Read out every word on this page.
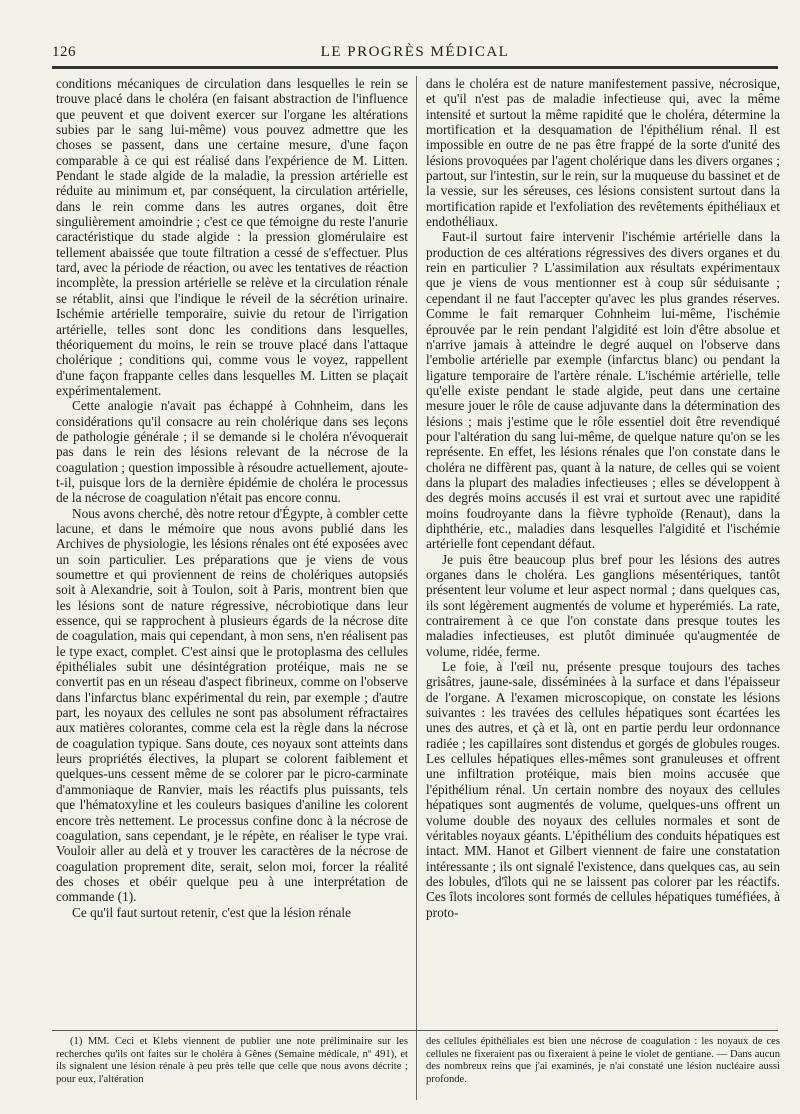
LE PROGRÈS MÉDICAL
126

conditions mécaniques de circulation dans lesquelles le rein se trouve placé dans le choléra (en faisant abstraction de l'influence que peuvent et que doivent exercer sur l'organe les altérations subies par le sang lui-même) vous pouvez admettre que les choses se passent, dans une certaine mesure, d'une façon comparable à ce qui est réalisé dans l'expérience de M. Litten. Pendant le stade algide de la maladie, la pression artérielle est réduite au minimum et, par conséquent, la circulation artérielle, dans le rein comme dans les autres organes, doit être singulièrement amoindrie ; c'est ce que témoigne du reste l'anurie caractéristique du stade algide : la pression glomérulaire est tellement abaissée que toute filtration a cessé de s'effectuer. Plus tard, avec la période de réaction, ou avec les tentatives de réaction incomplète, la pression artérielle se relève et la circulation rénale se rétablit, ainsi que l'indique le réveil de la sécrétion urinaire. Ischémie artérielle temporaire, suivie du retour de l'irrigation artérielle, telles sont donc les conditions dans lesquelles, théoriquement du moins, le rein se trouve placé dans l'attaque cholérique ; conditions qui, comme vous le voyez, rappellent d'une façon frappante celles dans lesquelles M. Litten se plaçait expérimentalement.

Cette analogie n'avait pas échappé à Cohnheim, dans les considérations qu'il consacre au rein cholérique dans ses leçons de pathologie générale ; il se demande si le choléra n'évoquerait pas dans le rein des lésions relevant de la nécrose de la coagulation ; question impossible à résoudre actuellement, ajoute-t-il, puisque lors de la dernière épidémie de choléra le processus de la nécrose de coagulation n'était pas encore connu.

Nous avons cherché, dès notre retour d'Égypte, à combler cette lacune, et dans le mémoire que nous avons publié dans les Archives de physiologie, les lésions rénales ont été exposées avec un soin particulier. Les préparations que je viens de vous soumettre et qui proviennent de reins de cholériques autopsiés soit à Alexandrie, soit à Toulon, soit à Paris, montrent bien que les lésions sont de nature régressive, nécrobiotique dans leur essence, qui se rapprochent à plusieurs égards de la nécrose dite de coagulation, mais qui cependant, à mon sens, n'en réalisent pas le type exact, complet. C'est ainsi que le protoplasma des cellules épithéliales subit une désintégration protéique, mais ne se convertit pas en un réseau d'aspect fibrineux, comme on l'observe dans l'infarctus blanc expérimental du rein, par exemple ; d'autre part, les noyaux des cellules ne sont pas absolument réfractaires aux matières colorantes, comme cela est la règle dans la nécrose de coagulation typique. Sans doute, ces noyaux sont atteints dans leurs propriétés électives, la plupart se colorent faiblement et quelques-uns cessent même de se colorer par le picro-carminate d'ammoniaque de Ranvier, mais les réactifs plus puissants, tels que l'hématoxyline et les couleurs basiques d'aniline les colorent encore très nettement. Le processus confine donc à la nécrose de coagulation, sans cependant, je le répète, en réaliser le type vrai. Vouloir aller au delà et y trouver les caractères de la nécrose de coagulation proprement dite, serait, selon moi, forcer la réalité des choses et obéir quelque peu à une interprétation de commande (1).

Ce qu'il faut surtout retenir, c'est que la lésion rénale

dans le choléra est de nature manifestement passive, nécrosique, et qu'il n'est pas de maladie infectieuse qui, avec la même intensité et surtout la même rapidité que le choléra, détermine la mortification et la desquamation de l'épithélium rénal. Il est impossible en outre de ne pas être frappé de la sorte d'unité des lésions provoquées par l'agent cholérique dans les divers organes ; partout, sur l'intestin, sur le rein, sur la muqueuse du bassinet et de la vessie, sur les séreuses, ces lésions consistent surtout dans la mortification rapide et l'exfoliation des revêtements épithéliaux et endothéliaux.

Faut-il surtout faire intervenir l'ischémie artérielle dans la production de ces altérations régressives des divers organes et du rein en particulier ? L'assimilation aux résultats expérimentaux que je viens de vous mentionner est à coup sûr séduisante ; cependant il ne faut l'accepter qu'avec les plus grandes réserves. Comme le fait remarquer Cohnheim lui-même, l'ischémie éprouvée par le rein pendant l'algidité est loin d'être absolue et n'arrive jamais à atteindre le degré auquel on l'observe dans l'embolie artérielle par exemple (infarctus blanc) ou pendant la ligature temporaire de l'artère rénale. L'ischémie artérielle, telle qu'elle existe pendant le stade algide, peut dans une certaine mesure jouer le rôle de cause adjuvante dans la détermination des lésions ; mais j'estime que le rôle essentiel doit être revendiqué pour l'altération du sang lui-même, de quelque nature qu'on se les représente. En effet, les lésions rénales que l'on constate dans le choléra ne diffèrent pas, quant à la nature, de celles qui se voient dans la plupart des maladies infectieuses ; elles se développent à des degrés moins accusés il est vrai et surtout avec une rapidité moins foudroyante dans la fièvre typhoïde (Renaut), dans la diphthérie, etc., maladies dans lesquelles l'algidité et l'ischémie artérielle font cependant défaut.

Je puis être beaucoup plus bref pour les lésions des autres organes dans le choléra. Les ganglions mésentériques, tantôt présentent leur volume et leur aspect normal ; dans quelques cas, ils sont légèrement augmentés de volume et hyperémiés. La rate, contrairement à ce que l'on constate dans presque toutes les maladies infectieuses, est plutôt diminuée qu'augmentée de volume, ridée, ferme.

Le foie, à l'œil nu, présente presque toujours des taches grisâtres, jaune-sale, disséminées à la surface et dans l'épaisseur de l'organe. A l'examen microscopique, on constate les lésions suivantes : les travées des cellules hépatiques sont écartées les unes des autres, et çà et là, ont en partie perdu leur ordonnance radiée ; les capillaires sont distendus et gorgés de globules rouges. Les cellules hépatiques elles-mêmes sont granuleuses et offrent une infiltration protéique, mais bien moins accusée que l'épithélium rénal. Un certain nombre des noyaux des cellules hépatiques sont augmentés de volume, quelques-uns offrent un volume double des noyaux des cellules normales et sont de véritables noyaux géants. L'épithélium des conduits hépatiques est intact. MM. Hanot et Gilbert viennent de faire une constatation intéressante ; ils ont signalé l'existence, dans quelques cas, au sein des lobules, d'îlots qui ne se laissent pas colorer par les réactifs. Ces îlots incolores sont formés de cellules hépatiques tuméfiées, à proto-

(1) MM. Ceci et Klebs viennent de publier une note préliminaire sur les recherches qu'ils ont faites sur le choléra à Gênes (Semaine médicale, nº 491), et ils signalent une lésion rénale à peu près telle que celle que nous avons décrite ; pour eux, l'altération

des cellules épithéliales est bien une nécrose de coagulation : les noyaux de ces cellules ne fixeraient pas ou fixeraient à peine le violet de gentiane. — Dans aucun des nombreux reins que j'ai examinés, je n'ai constaté une lésion nucléaire aussi profonde.
